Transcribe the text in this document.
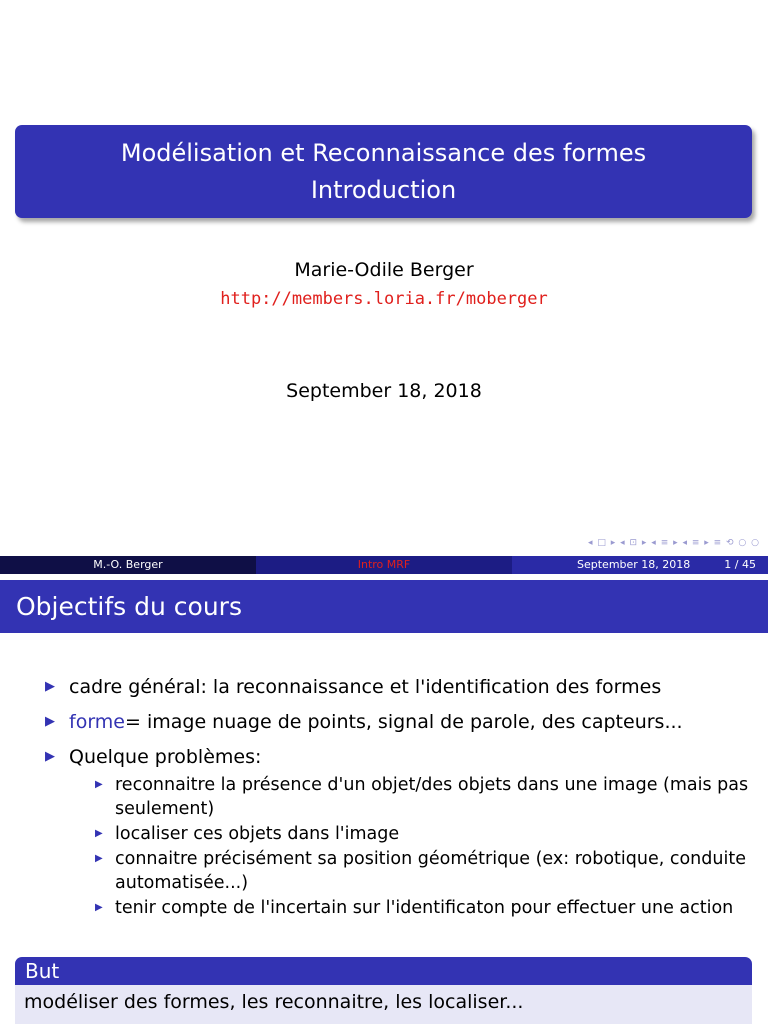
Modélisation et Reconnaissance des formes
Introduction
Marie-Odile Berger
http://members.loria.fr/moberger
September 18, 2018
◂ □ ▸ ◂ ⊡ ▸ ◂ ≡ ▸ ◂ ≡ ▸ ≡ ⟲ ○ ○
M.-O. Berger	Intro MRF	September 18, 2018	1 / 45
Objectifs du cours
▶ cadre général: la reconnaissance et l'identification des formes
▶ forme= image nuage de points, signal de parole, des capteurs...
▶ Quelque problèmes:
▶ reconnaitre la présence d'un objet/des objets dans une image (mais pas seulement)
▶ localiser ces objets dans l'image
▶ connaitre précisément sa position géométrique (ex: robotique, conduite automatisée...)
▶ tenir compte de l'incertain sur l'identificaton pour effectuer une action
But
modéliser des formes, les reconnaitre, les localiser...
